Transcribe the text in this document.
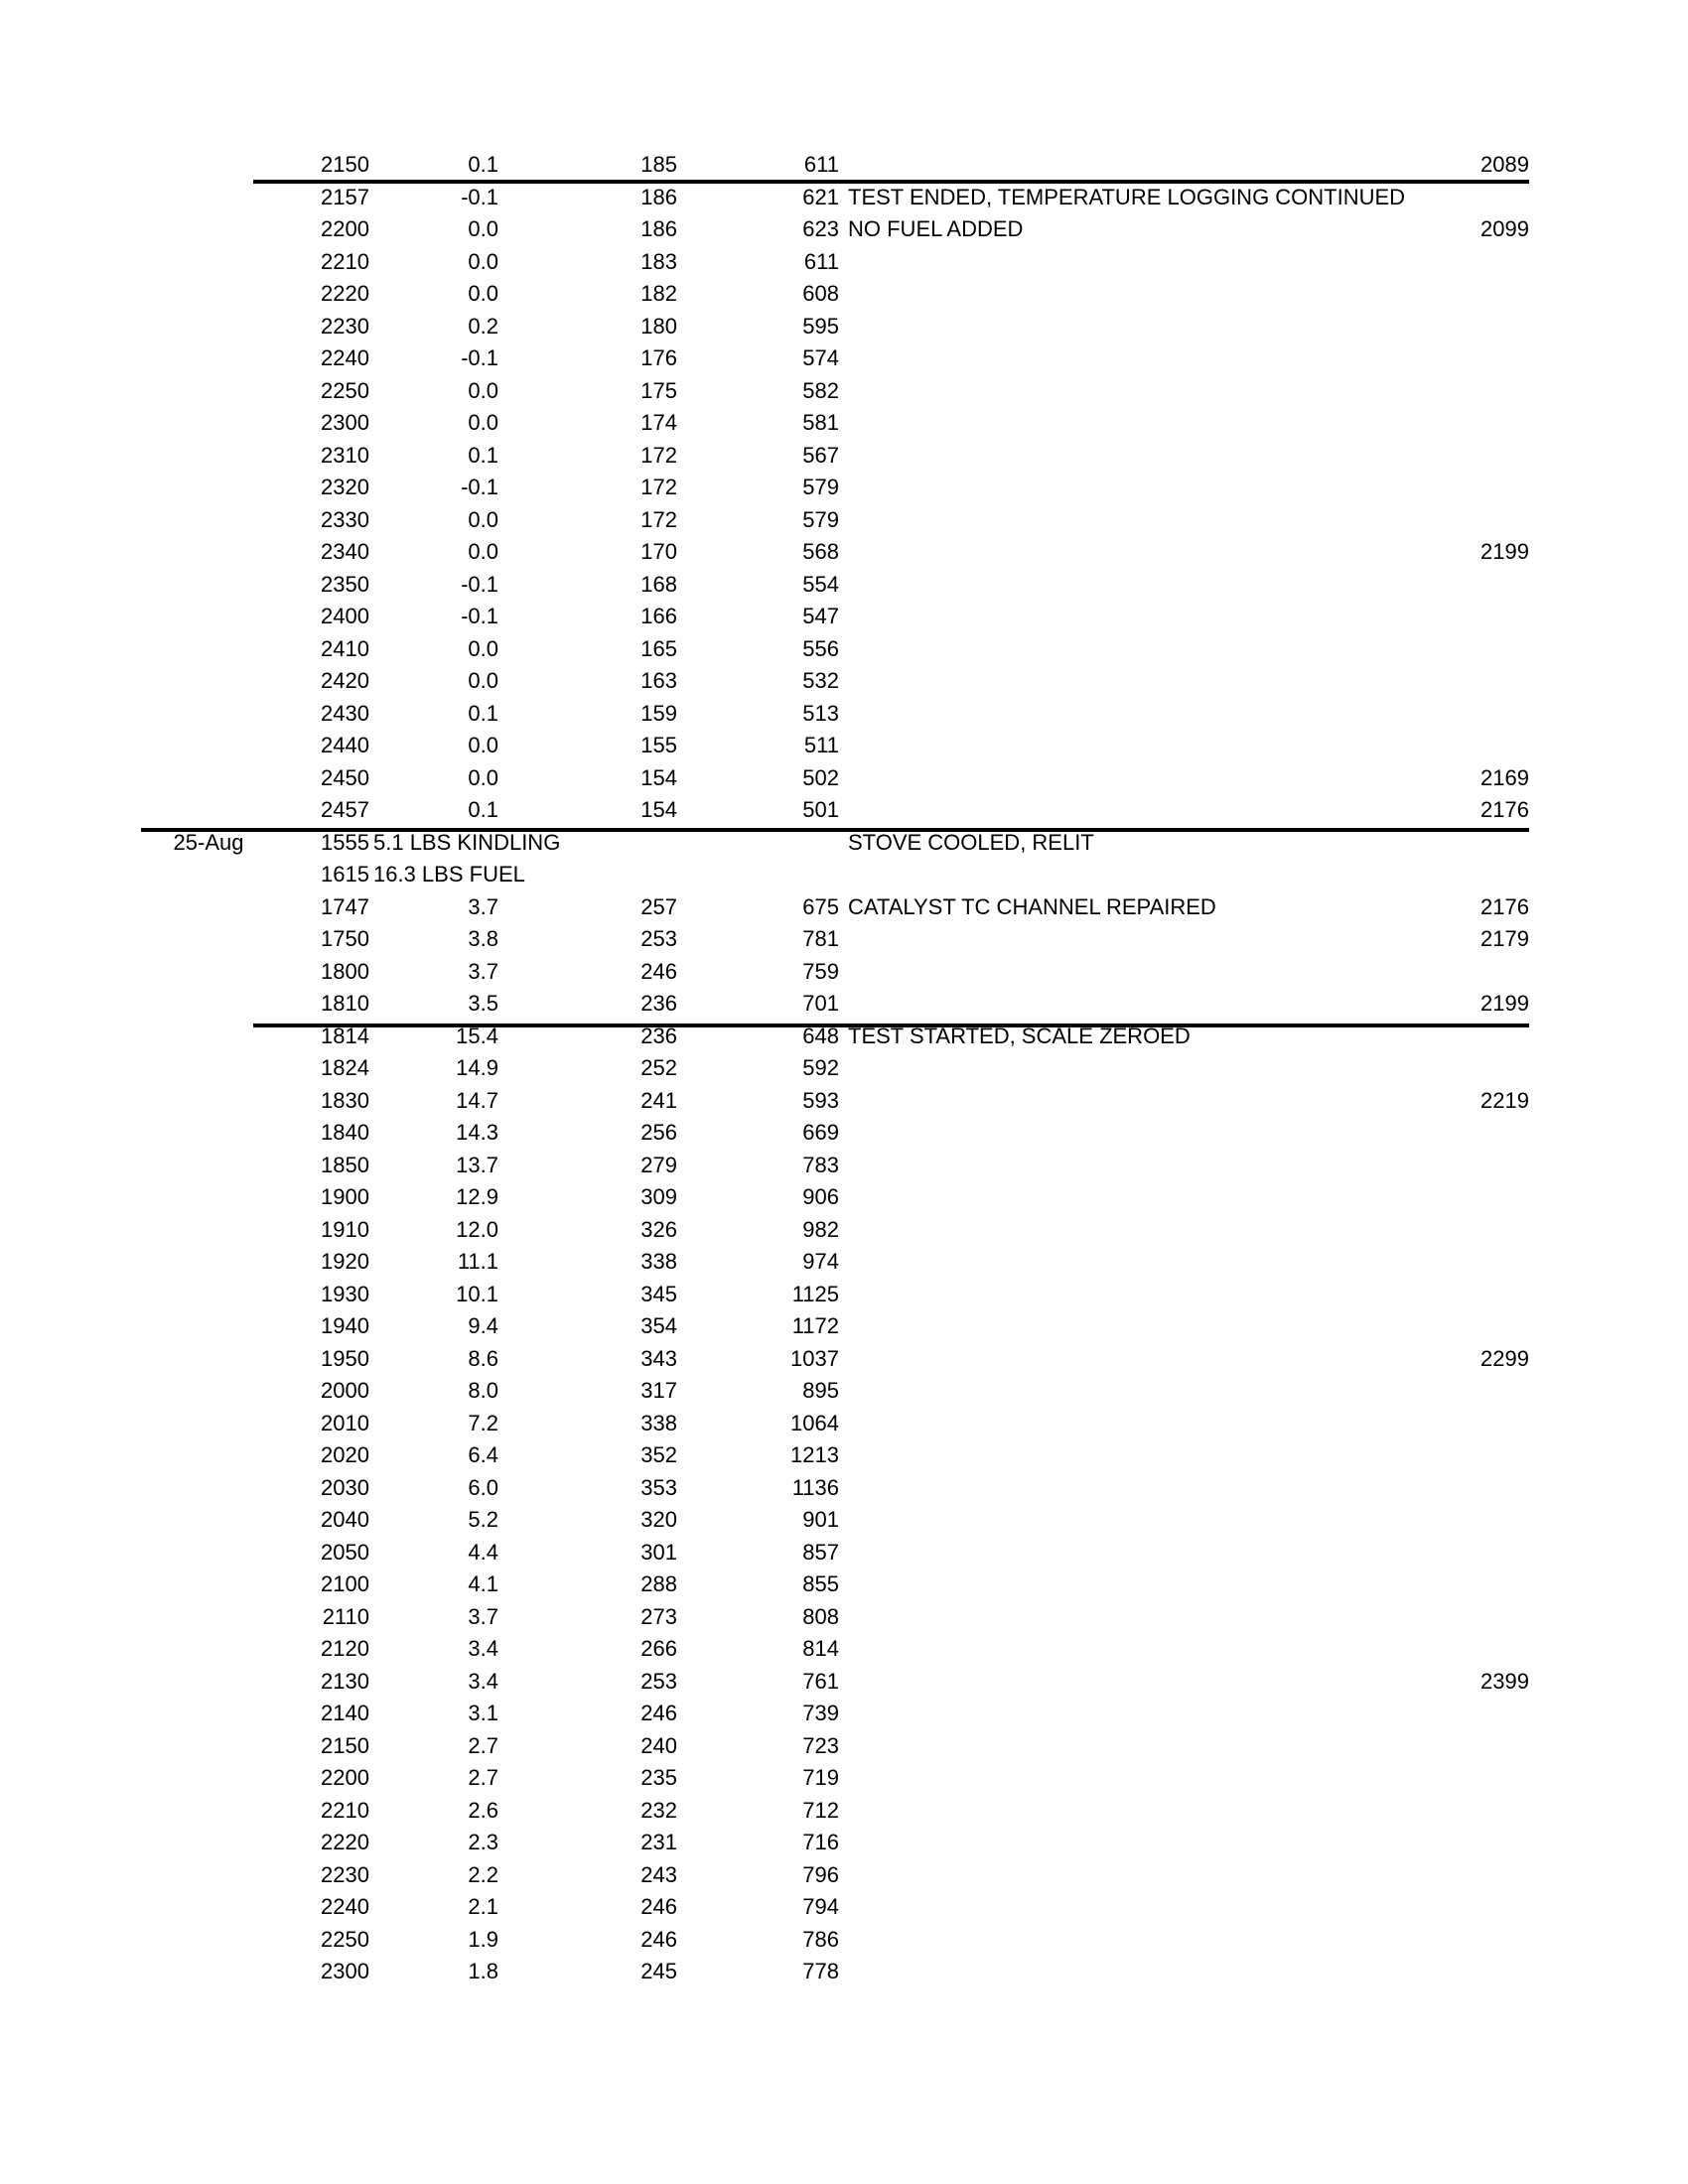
2150	0.1	185	611	2089
2157	-0.1	186	621 TEST ENDED, TEMPERATURE LOGGING CONTINUED
2200	0.0	186	623 NO FUEL ADDED	2099
2210	0.0	183	611
2220	0.0	182	608
2230	0.2	180	595
2240	-0.1	176	574
2250	0.0	175	582
2300	0.0	174	581
2310	0.1	172	567
2320	-0.1	172	579
2330	0.0	172	579
2340	0.0	170	568	2199
2350	-0.1	168	554
2400	-0.1	166	547
2410	0.0	165	556
2420	0.0	163	532
2430	0.1	159	513
2440	0.0	155	511
2450	0.0	154	502	2169
2457	0.1	154	501	2176
25-Aug	1555 5.1 LBS KINDLING	STOVE COOLED, RELIT
1615 16.3 LBS FUEL
1747	3.7	257	675 CATALYST TC CHANNEL REPAIRED	2176
1750	3.8	253	781	2179
1800	3.7	246	759
1810	3.5	236	701	2199
1814	15.4	236	648 TEST STARTED, SCALE ZEROED
1824	14.9	252	592
1830	14.7	241	593	2219
1840	14.3	256	669
1850	13.7	279	783
1900	12.9	309	906
1910	12.0	326	982
1920	11.1	338	974
1930	10.1	345	1125
1940	9.4	354	1172
1950	8.6	343	1037	2299
2000	8.0	317	895
2010	7.2	338	1064
2020	6.4	352	1213
2030	6.0	353	1136
2040	5.2	320	901
2050	4.4	301	857
2100	4.1	288	855
2110	3.7	273	808
2120	3.4	266	814
2130	3.4	253	761	2399
2140	3.1	246	739
2150	2.7	240	723
2200	2.7	235	719
2210	2.6	232	712
2220	2.3	231	716
2230	2.2	243	796
2240	2.1	246	794
2250	1.9	246	786
2300	1.8	245	778
